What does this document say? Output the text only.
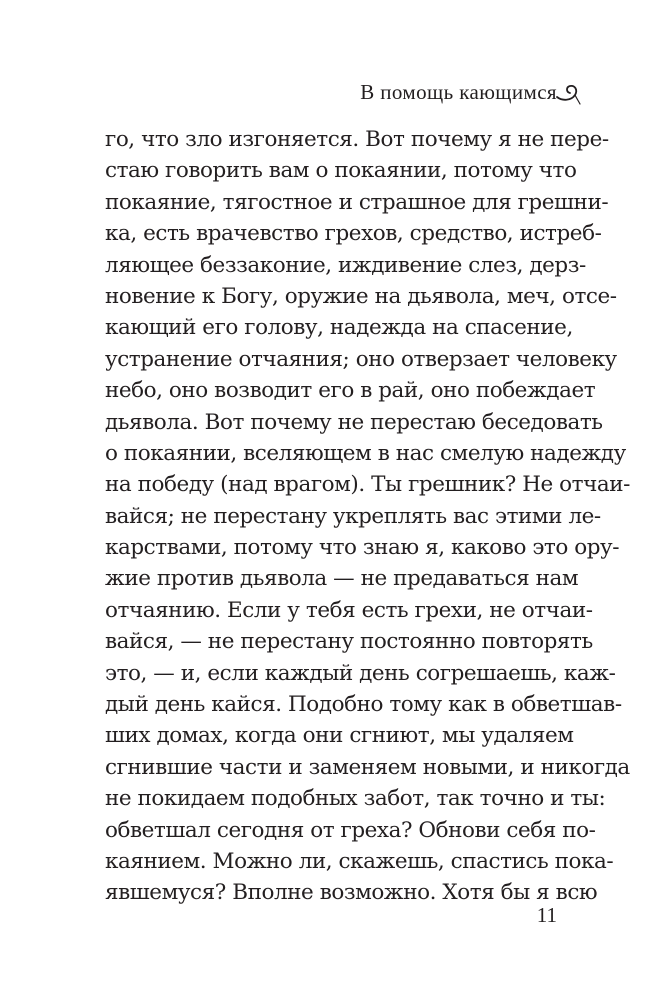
В помощь кающимся
го, что зло изгоняется. Вот почему я не пере-
стаю говорить вам о покаянии, потому что
покаяние, тягостное и страшное для грешни-
ка, есть врачевство грехов, средство, истреб-
ляющее беззаконие, иждивение слез, дерз-
новение к Богу, оружие на дьявола, меч, отсе-
кающий его голову, надежда на спасение,
устранение отчаяния; оно отверзает человеку
небо, оно возводит его в рай, оно побеждает
дьявола. Вот почему не перестаю беседовать
о покаянии, вселяющем в нас смелую надежду
на победу (над врагом). Ты грешник? Не отчаи-
вайся; не перестану укреплять вас этими ле-
карствами, потому что знаю я, каково это ору-
жие против дьявола — не предаваться нам
отчаянию. Если у тебя есть грехи, не отчаи-
вайся, — не перестану постоянно повторять
это, — и, если каждый день согрешаешь, каж-
дый день кайся. Подобно тому как в обветшав-
ших домах, когда они сгниют, мы удаляем
сгнившие части и заменяем новыми, и никогда
не покидаем подобных забот, так точно и ты:
обветшал сегодня от греха? Обнови себя по-
каянием. Можно ли, скажешь, спастись пока-
явшемуся? Вполне возможно. Хотя бы я всю
11
